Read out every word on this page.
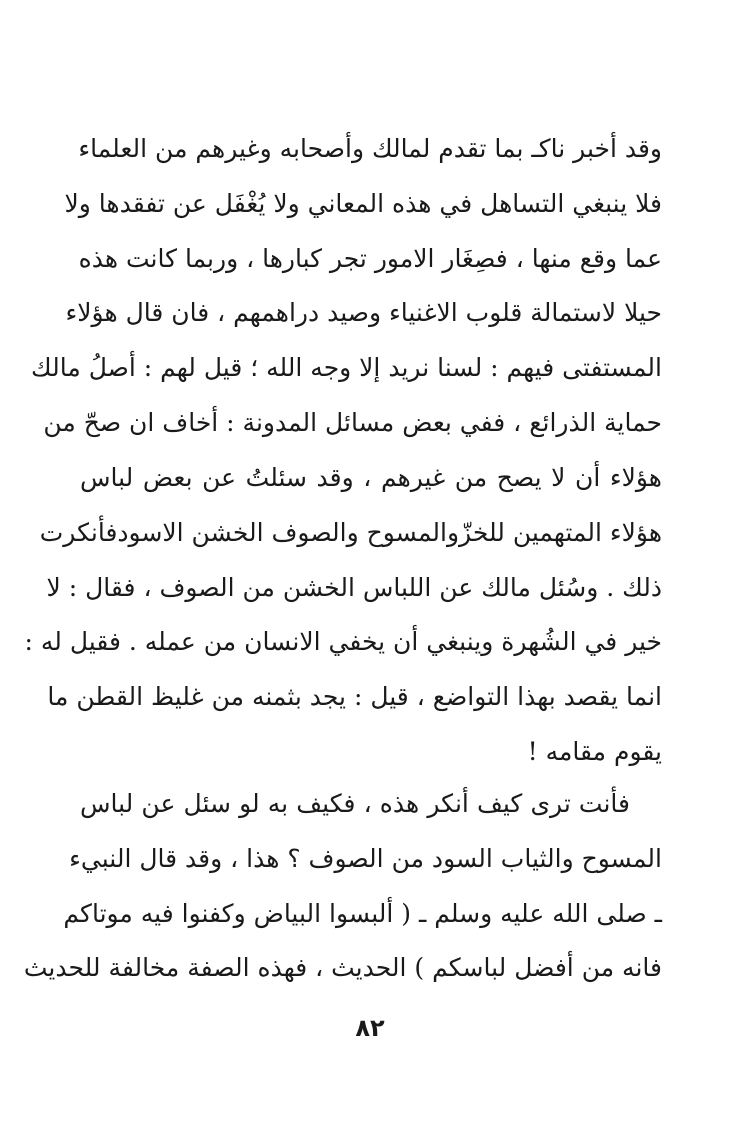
وقد أخبر ناكـ بما تقدم لمالك وأصحابه وغيرهم من العلماء
فلا ينبغي التساهل في هذه المعاني ولا يُغْفَل عن تفقدها ولا
عما وقع منها ، فصِغَار الامور تجر كبارها ، وربما كانت هذه
حيلا لاستمالة قلوب الاغنياء وصيد دراهمهم ، فان قال هؤلاء
المستفتى فيهم : لسنا نريد إلا وجه الله ؛ قيل لهم : أصلُ مالك
حماية الذرائع ، ففي بعض مسائل المدونة : أخاف ان صحّ من
هؤلاء أن لا يصح من غيرهم ، وقد سئلتُ عن بعض لباس
هؤلاء المتهمين للخزّوالمسوح والصوف الخشن الاسودفأنكرت
ذلك . وسُئل مالك عن اللباس الخشن من الصوف ، فقال : لا
خير في الشُهرة وينبغي أن يخفي الانسان من عمله . فقيل له :
انما يقصد بهذا التواضع ، قيل : يجد بثمنه من غليظ القطن ما
يقوم مقامه !
فأنت ترى كيف أنكر هذه ، فكيف به لو سئل عن لباس
المسوح والثياب السود من الصوف ؟ هذا ، وقد قال النبيء
ـ صلى الله عليه وسلم ـ ( ألبسوا البياض وكفنوا فيه موتاكم
فانه من أفضل لباسكم ) الحديث ، فهذه الصفة مخالفة للحديث
٨٢
